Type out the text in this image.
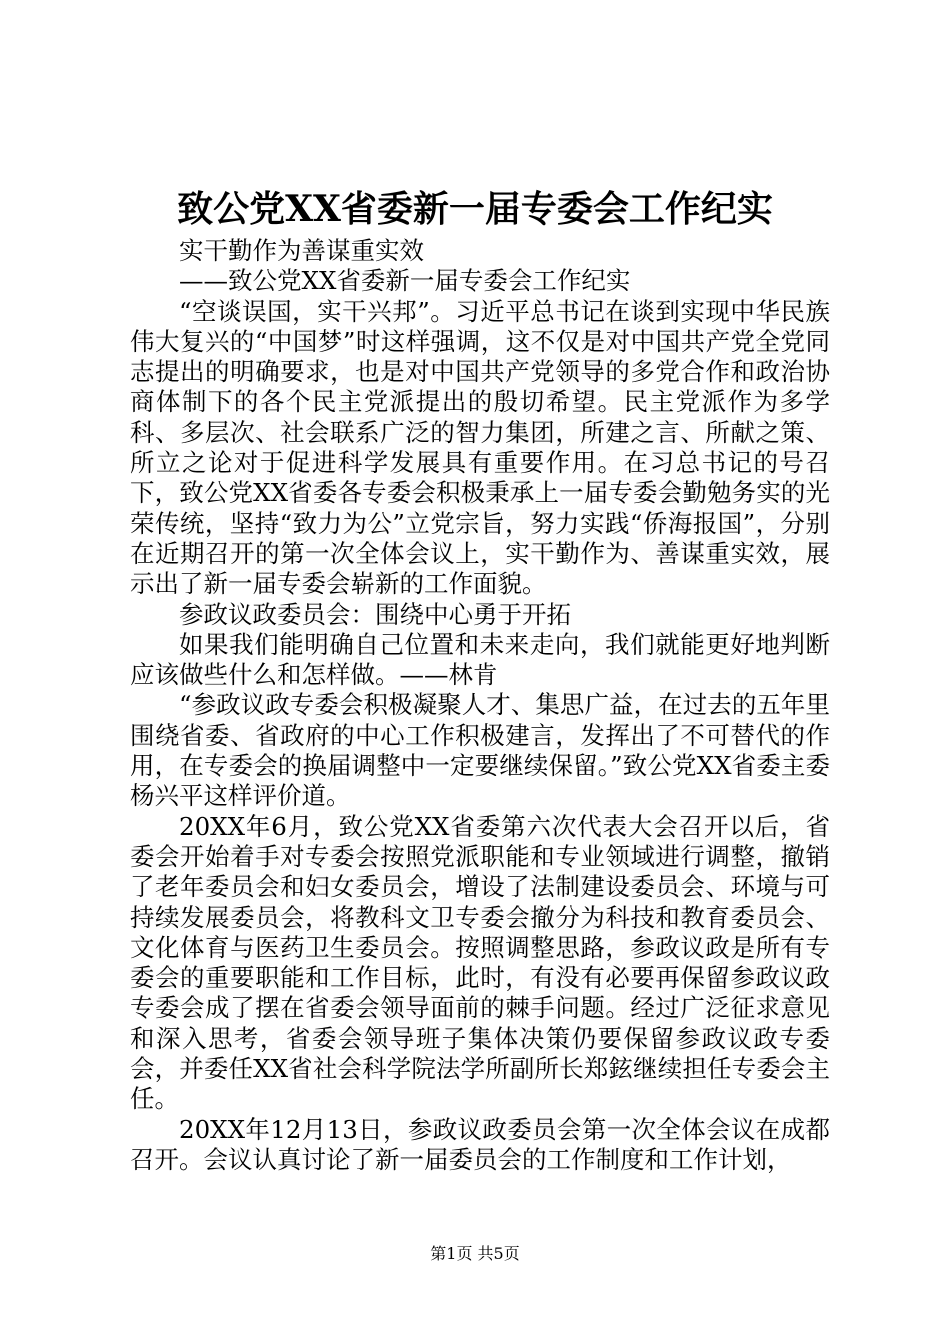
致公党XX省委新一届专委会工作纪实

实干勤作为善谋重实效

——致公党XX省委新一届专委会工作纪实

“空谈误国，实干兴邦”。习近平总书记在谈到实现中华民族伟大复兴的“中国梦”时这样强调，这不仅是对中国共产党全党同志提出的明确要求，也是对中国共产党领导的多党合作和政治协商体制下的各个民主党派提出的殷切希望。民主党派作为多学科、多层次、社会联系广泛的智力集团，所建之言、所献之策、所立之论对于促进科学发展具有重要作用。在习总书记的号召下，致公党XX省委各专委会积极秉承上一届专委会勤勉务实的光荣传统，坚持“致力为公”立党宗旨，努力实践“侨海报国”，分别在近期召开的第一次全体会议上，实干勤作为、善谋重实效，展示出了新一届专委会崭新的工作面貌。

参政议政委员会：围绕中心勇于开拓

如果我们能明确自己位置和未来走向，我们就能更好地判断应该做些什么和怎样做。——林肯

“参政议政专委会积极凝聚人才、集思广益，在过去的五年里围绕省委、省政府的中心工作积极建言，发挥出了不可替代的作用，在专委会的换届调整中一定要继续保留。”致公党XX省委主委杨兴平这样评价道。

20XX年6月，致公党XX省委第六次代表大会召开以后，省委会开始着手对专委会按照党派职能和专业领域进行调整，撤销了老年委员会和妇女委员会，增设了法制建设委员会、环境与可持续发展委员会，将教科文卫专委会撤分为科技和教育委员会、文化体育与医药卫生委员会。按照调整思路，参政议政是所有专委会的重要职能和工作目标，此时，有没有必要再保留参政议政专委会成了摆在省委会领导面前的棘手问题。经过广泛征求意见和深入思考，省委会领导班子集体决策仍要保留参政议政专委会，并委任XX省社会科学院法学所副所长郑鉉继续担任专委会主任。

20XX年12月13日，参政议政委员会第一次全体会议在成都召开。会议认真讨论了新一届委员会的工作制度和工作计划，

第1页 共5页
